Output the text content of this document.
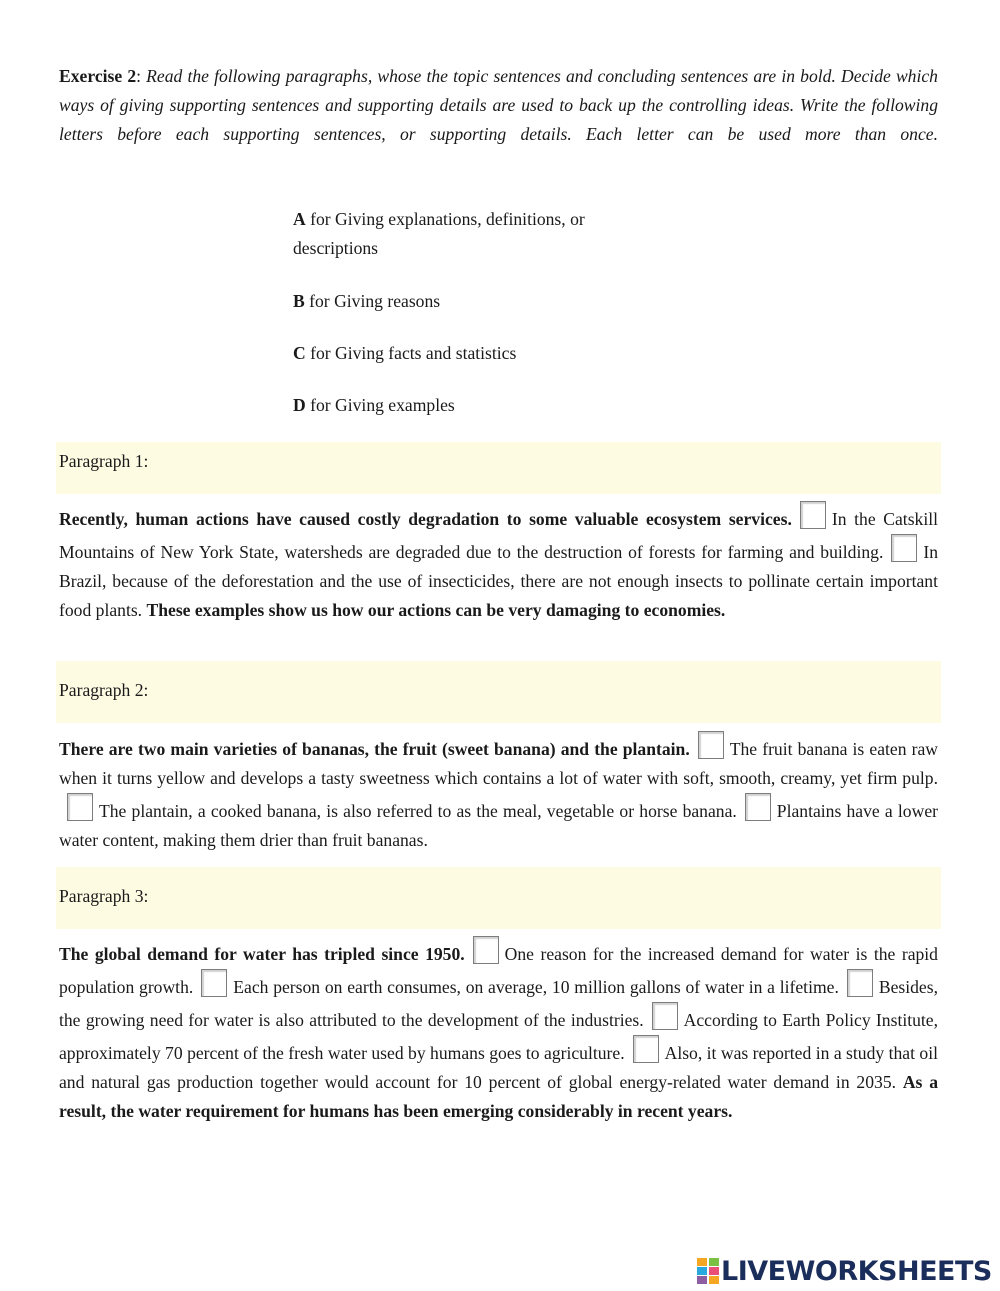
Exercise 2: Read the following paragraphs, whose the topic sentences and concluding sentences are in bold. Decide which ways of giving supporting sentences and supporting details are used to back up the controlling ideas. Write the following letters before each supporting sentences, or supporting details. Each letter can be used more than once.
A for Giving explanations, definitions, or descriptions
B for Giving reasons
C for Giving facts and statistics
D for Giving examples
Paragraph 1:
Recently, human actions have caused costly degradation to some valuable ecosystem services. In the Catskill Mountains of New York State, watersheds are degraded due to the destruction of forests for farming and building. In Brazil, because of the deforestation and the use of insecticides, there are not enough insects to pollinate certain important food plants. These examples show us how our actions can be very damaging to economies.
Paragraph 2:
There are two main varieties of bananas, the fruit (sweet banana) and the plantain. The fruit banana is eaten raw when it turns yellow and develops a tasty sweetness which contains a lot of water with soft, smooth, creamy, yet firm pulp.The plantain, a cooked banana, is also referred to as the meal, vegetable or horse banana. Plantains have a lower water content, making them drier than fruit bananas.
Paragraph 3:
The global demand for water has tripled since 1950. One reason for the increased demand for water is the rapid population growth. Each person on earth consumes, on average, 10 million gallons of water in a lifetime. Besides, the growing need for water is also attributed to the development of the industries. According to Earth Policy Institute, approximately 70 percent of the fresh water used by humans goes to agriculture. Also, it was reported in a study that oil and natural gas production together would account for 10 percent of global energy-related water demand in 2035. As a result, the water requirement for humans has been emerging considerably in recent years.
LIVEWORKSHEETS
